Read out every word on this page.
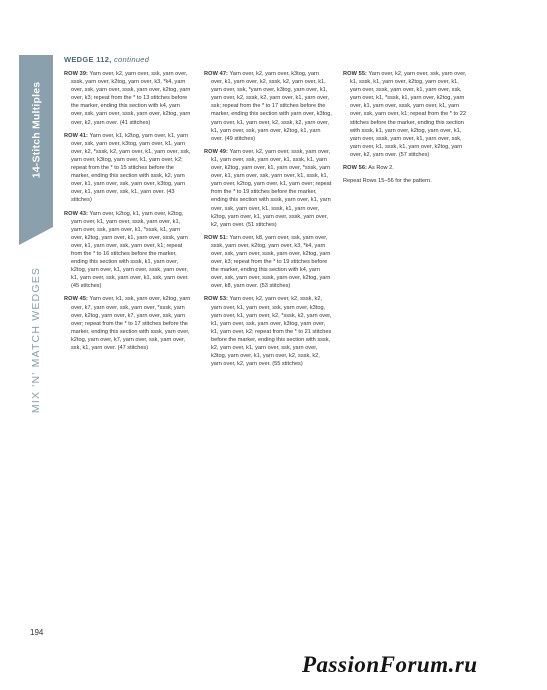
14-Stitch Multiples
MIX 'N' MATCH WEDGES
WEDGE 112, continued

ROW 39: Yarn over, k2, yarn over, ssk, yarn over, sssk, yarn over, k2tog, yarn over, k3, *k4, yarn over, ssk, yarn over, sssk, yarn over, k2tog, yarn over, k3; repeat from the * to 13 stitches before the marker, ending this section with k4, yarn over, ssk, yarn over, sssk, yarn over, k2tog, yarn over, k2, yarn over. (41 stitches)

ROW 41: Yarn over, k1, k2tog, yarn over, k1, yarn over, ssk, yarn over, k3tog, yarn over, k1, yarn over, k2, *sssk, k2, yarn over, k1, yarn over, ssk, yarn over, k3tog, yarn over, k1, yarn over, k2; repeat from the * to 15 stitches before the marker, ending this section with sssk, k2, yarn over, k1, yarn over, ssk, yarn over, k3tog, yarn over, k1, yarn over, ssk, k1, yarn over. (43 stitches)

ROW 43: Yarn over, k2tog, k1, yarn over, k2tog, yarn over, k1, yarn over, sssk, yarn over, k1, yarn over, ssk, yarn over, k1, *sssk, k1, yarn over, k2tog, yarn over, k1, yarn over, sssk, yarn over, k1, yarn over, ssk, yarn over, k1; repeat from the * to 16 stitches before the marker, ending this section with sssk, k1, yarn over, k2tog, yarn over, k1, yarn over, sssk, yarn over, k1, yarn over, ssk, yarn over, k1, ssk, yarn over. (45 stitches)

ROW 45: Yarn over, k1, ssk, yarn over, k2tog, yarn over, k7, yarn over, ssk, yarn over, *sssk, yarn over, k2tog, yarn over, k7, yarn over, ssk, yarn over; repeat from the * to 17 stitches before the marker, ending this section with sssk, yarn over, k2tog, yarn over, k7, yarn over, ssk, yarn over, ssk, k1, yarn over. (47 stitches)

ROW 47: Yarn over, k2, yarn over, k3tog, yarn over, k1, yarn over, k2, sssk, k2, yarn over, k1, yarn over, ssk, *yarn over, k3tog, yarn over, k1, yarn over, k2, sssk, k2, yarn over, k1, yarn over, ssk; repeat from the * to 17 stitches before the marker, ending this section with yarn over, k3tog, yarn over, k1, yarn over, k2, sssk, k2, yarn over, k1, yarn over, ssk, yarn over, k2tog, k1, yarn over. (49 stitches)

ROW 49: Yarn over, k2, yarn over, sssk, yarn over, k1, yarn over, ssk, yarn over, k1, sssk, k1, yarn over, k2tog, yarn over, k1, yarn over, *sssk, yarn over, k1, yarn over, ssk, yarn over, k1, sssk, k1, yarn over, k2tog, yarn over, k1, yarn over; repeat from the * to 19 stitches before the marker, ending this section with sssk, yarn over, k1, yarn over, ssk, yarn over, k1, sssk, k1, yarn over, k2tog, yarn over, k1, yarn over, sssk, yarn over, k2, yarn over. (51 stitches)

ROW 51: Yarn over, k8, yarn over, ssk, yarn over, sssk, yarn over, k2tog, yarn over, k3, *k4, yarn over, ssk, yarn over, sssk, yarn over, k2tog, yarn over, k3; repeat from the * to 19 stitches before the marker, ending this section with k4, yarn over, ssk, yarn over, sssk, yarn over, k2tog, yarn over, k8, yarn over. (53 stitches)

ROW 53: Yarn over, k2, yarn over, k2, sssk, k2, yarn over, k1, yarn over, ssk, yarn over, k3tog, yarn over, k1, yarn over, k2, *sssk, k2, yarn over, k1, yarn over, ssk, yarn over, k3tog, yarn over, k1, yarn over, k2; repeat from the * to 21 stitches before the marker, ending this section with sssk, k2, yarn over, k1, yarn over, ssk, yarn over, k3tog, yarn over, k1, yarn over, k2, sssk, k2, yarn over, k2, yarn over. (55 stitches)

ROW 55: Yarn over, k2, yarn over, ssk, yarn over, k1, sssk, k1, yarn over, k2tog, yarn over, k1, yarn over, sssk, yarn over, k1, yarn over, ssk, yarn over, k1, *sssk, k1, yarn over, k2tog, yarn over, k1, yarn over, sssk, yarn over, k1, yarn over, ssk, yarn over, k1; repeat from the * to 22 stitches before the marker, ending this section with sssk, k1, yarn over, k2tog, yarn over, k1, yarn over, sssk, yarn over, k1, yarn over, ssk, yarn over, k1, sssk, k1, yarn over, k2tog, yarn over, k2, yarn over. (57 stitches)

ROW 56: As Row 2.

Repeat Rows 15–56 for the pattern.

194
PassionForum.ru
